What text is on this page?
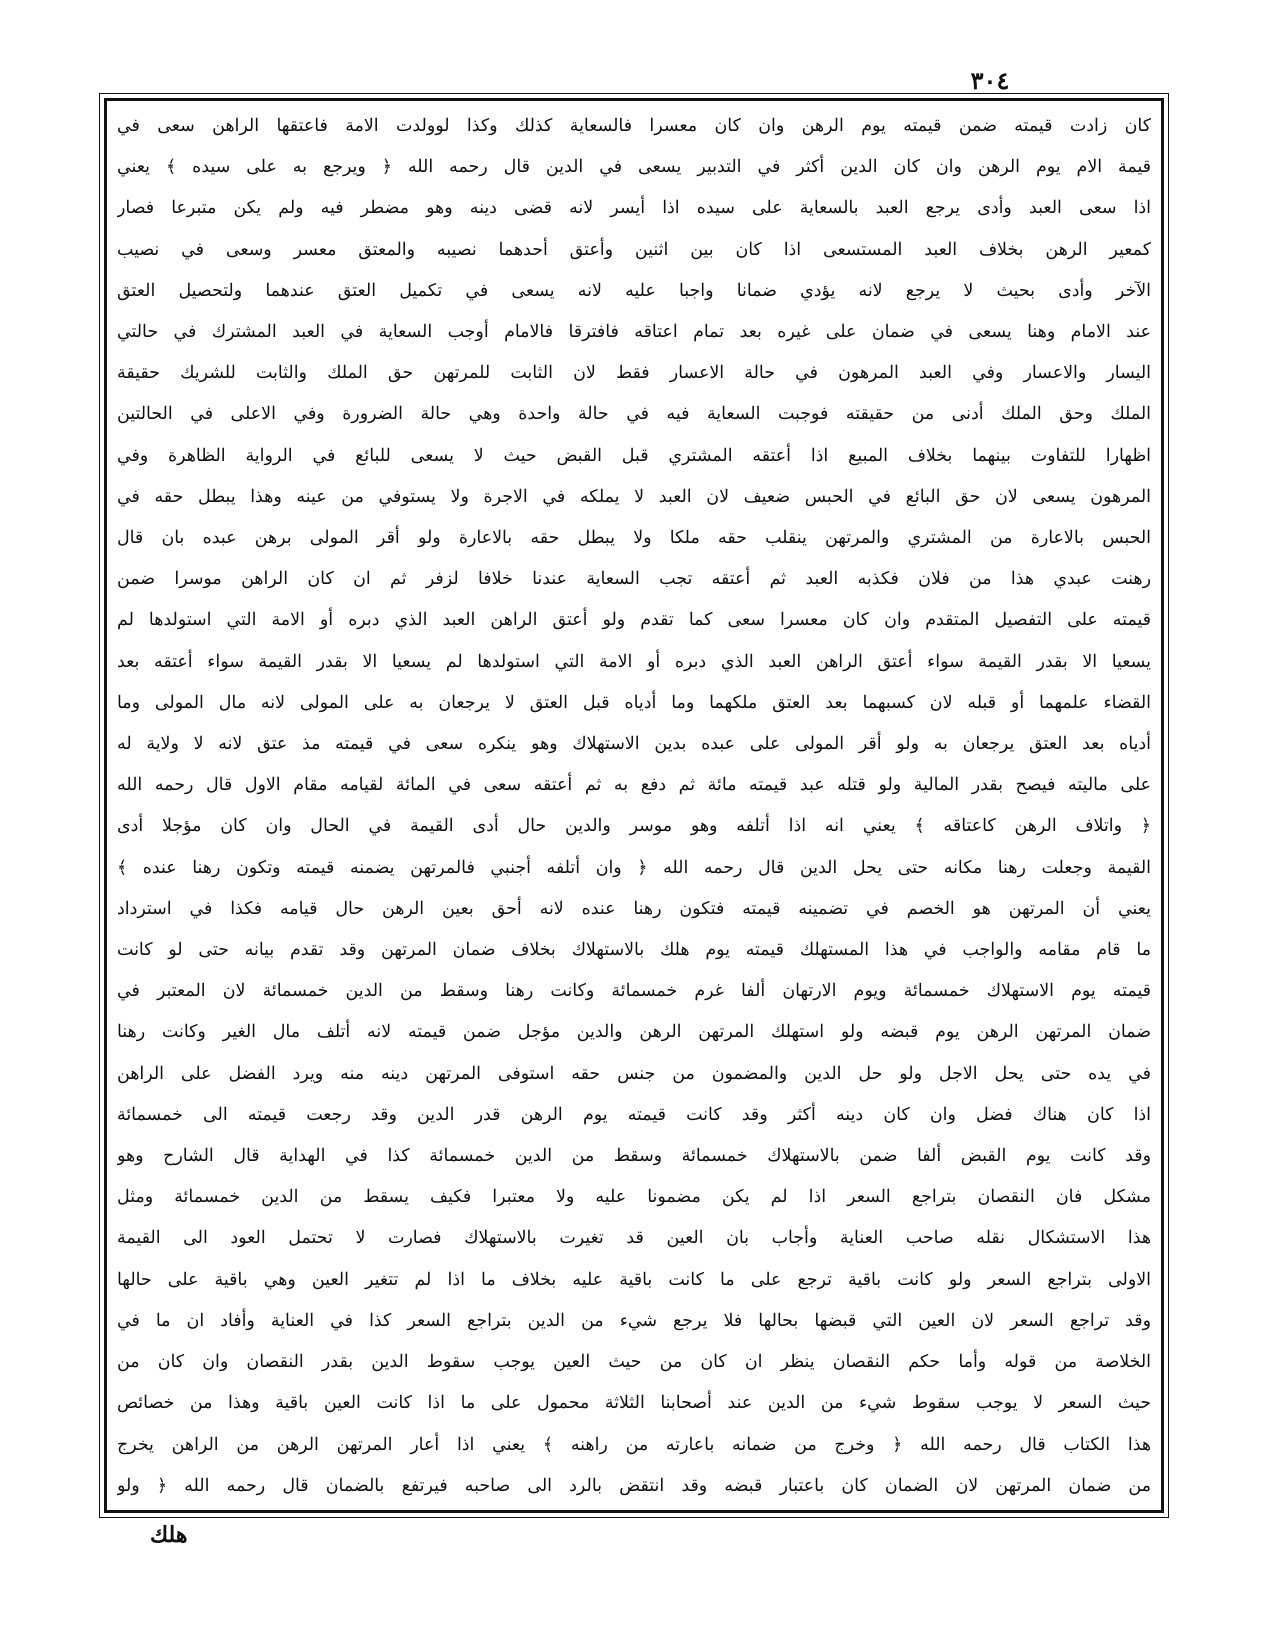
٣٠٤
كان زادت قيمته ضمن قيمته يوم الرهن وان كان معسرا فالسعاية كذلك وكذا لوولدت الامة فاعتقها الراهن سعى في
قيمة الام يوم الرهن وان كان الدين أكثر في التدبير يسعى في الدين قال رحمه الله ﴿ ويرجع به على سيده ﴾ يعني
اذا سعى العبد وأدى يرجع العبد بالسعاية على سيده اذا أيسر لانه قضى دينه وهو مضطر فيه ولم يكن متبرعا فصار
كمعير الرهن بخلاف العبد المستسعى اذا كان بين اثنين وأعتق أحدهما نصيبه والمعتق معسر وسعى في نصيب
الآخر وأدى بحيث لا يرجع لانه يؤدي ضمانا واجبا عليه لانه يسعى في تكميل العتق عندهما ولتحصيل العتق
عند الامام وهنا يسعى في ضمان على غيره بعد تمام اعتاقه فافترقا فالامام أوجب السعاية في العبد المشترك في حالتي
اليسار والاعسار وفي العبد المرهون في حالة الاعسار فقط لان الثابت للمرتهن حق الملك والثابت للشريك حقيقة
الملك وحق الملك أدنى من حقيقته فوجبت السعاية فيه في حالة واحدة وهي حالة الضرورة وفي الاعلى في الحالتين
اظهارا للتفاوت بينهما بخلاف المبيع اذا أعتقه المشتري قبل القبض حيث لا يسعى للبائع في الرواية الظاهرة وفي
المرهون يسعى لان حق البائع في الحبس ضعيف لان العبد لا يملكه في الاجرة ولا يستوفي من عينه وهذا يبطل حقه في
الحبس بالاعارة من المشتري والمرتهن ينقلب حقه ملكا ولا يبطل حقه بالاعارة ولو أقر المولى برهن عبده بان قال
رهنت عبدي هذا من فلان فكذبه العبد ثم أعتقه تجب السعاية عندنا خلافا لزفر ثم ان كان الراهن موسرا ضمن
قيمته على التفصيل المتقدم وان كان معسرا سعى كما تقدم ولو أعتق الراهن العبد الذي دبره أو الامة التي استولدها لم
يسعيا الا بقدر القيمة سواء أعتق الراهن العبد الذي دبره أو الامة التي استولدها لم يسعيا الا بقدر القيمة سواء أعتقه بعد
القضاء علمهما أو قبله لان كسبهما بعد العتق ملكهما وما أدياه قبل العتق لا يرجعان به على المولى لانه مال المولى وما
أدياه بعد العتق يرجعان به ولو أقر المولى على عبده بدين الاستهلاك وهو ينكره سعى في قيمته مذ عتق لانه لا ولاية له
على ماليته فيصح بقدر المالية ولو قتله عبد قيمته مائة ثم دفع به ثم أعتقه سعى في المائة لقيامه مقام الاول قال رحمه الله
﴿ واتلاف الرهن كاعتاقه ﴾ يعني انه اذا أتلفه وهو موسر والدين حال أدى القيمة في الحال وان كان مؤجلا أدى
القيمة وجعلت رهنا مكانه حتى يحل الدين قال رحمه الله ﴿ وان أتلفه أجنبي فالمرتهن يضمنه قيمته وتكون رهنا عنده ﴾
يعني أن المرتهن هو الخصم في تضمينه قيمته فتكون رهنا عنده لانه أحق بعين الرهن حال قيامه فكذا في استرداد
ما قام مقامه والواجب في هذا المستهلك قيمته يوم هلك بالاستهلاك بخلاف ضمان المرتهن وقد تقدم بيانه حتى لو كانت
قيمته يوم الاستهلاك خمسمائة ويوم الارتهان ألفا غرم خمسمائة وكانت رهنا وسقط من الدين خمسمائة لان المعتبر في
ضمان المرتهن الرهن يوم قبضه ولو استهلك المرتهن الرهن والدين مؤجل ضمن قيمته لانه أتلف مال الغير وكانت رهنا
في يده حتى يحل الاجل ولو حل الدين والمضمون من جنس حقه استوفى المرتهن دينه منه ويرد الفضل على الراهن
اذا كان هناك فضل وان كان دينه أكثر وقد كانت قيمته يوم الرهن قدر الدين وقد رجعت قيمته الى خمسمائة
وقد كانت يوم القبض ألفا ضمن بالاستهلاك خمسمائة وسقط من الدين خمسمائة كذا في الهداية قال الشارح وهو
مشكل فان النقصان بتراجع السعر اذا لم يكن مضمونا عليه ولا معتبرا فكيف يسقط من الدين خمسمائة ومثل
هذا الاستشكال نقله صاحب العناية وأجاب بان العين قد تغيرت بالاستهلاك فصارت لا تحتمل العود الى القيمة
الاولى بتراجع السعر ولو كانت باقية ترجع على ما كانت باقية عليه بخلاف ما اذا لم تتغير العين وهي باقية على حالها
وقد تراجع السعر لان العين التي قبضها بحالها فلا يرجع شيء من الدين بتراجع السعر كذا في العناية وأفاد ان ما في
الخلاصة من قوله وأما حكم النقصان ينظر ان كان من حيث العين يوجب سقوط الدين بقدر النقصان وان كان من
حيث السعر لا يوجب سقوط شيء من الدين عند أصحابنا الثلاثة محمول على ما اذا كانت العين باقية وهذا من خصائص
هذا الكتاب قال رحمه الله ﴿ وخرج من ضمانه باعارته من راهنه ﴾ يعني اذا أعار المرتهن الرهن من الراهن يخرج
من ضمان المرتهن لان الضمان كان باعتبار قبضه وقد انتقض بالرد الى صاحبه فيرتفع بالضمان قال رحمه الله ﴿ ولو
هلك
